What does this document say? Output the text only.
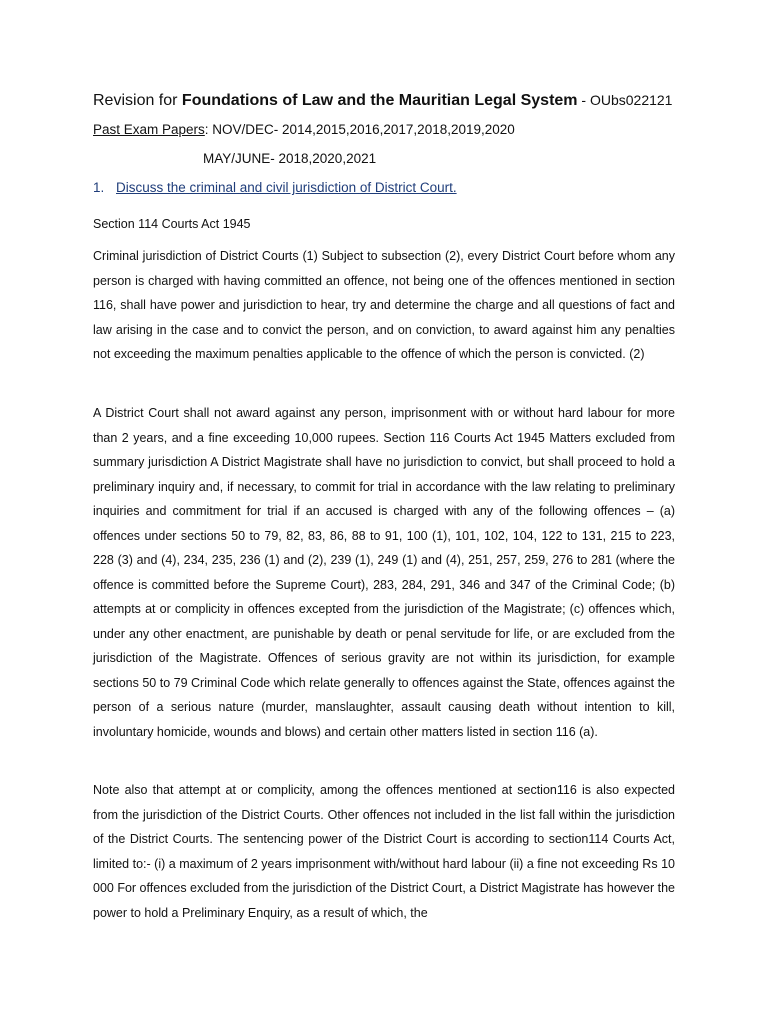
Revision for Foundations of Law and the Mauritian Legal System - OUbs022121
Past Exam Papers: NOV/DEC- 2014,2015,2016,2017,2018,2019,2020
MAY/JUNE- 2018,2020,2021
1. Discuss the criminal and civil jurisdiction of District Court.
Section 114 Courts Act 1945

Criminal jurisdiction of District Courts (1) Subject to subsection (2), every District Court before whom any person is charged with having committed an offence, not being one of the offences mentioned in section 116, shall have power and jurisdiction to hear, try and determine the charge and all questions of fact and law arising in the case and to convict the person, and on conviction, to award against him any penalties not exceeding the maximum penalties applicable to the offence of which the person is convicted. (2)

A District Court shall not award against any person, imprisonment with or without hard labour for more than 2 years, and a fine exceeding 10,000 rupees. Section 116 Courts Act 1945 Matters excluded from summary jurisdiction A District Magistrate shall have no jurisdiction to convict, but shall proceed to hold a preliminary inquiry and, if necessary, to commit for trial in accordance with the law relating to preliminary inquiries and commitment for trial if an accused is charged with any of the following offences – (a) offences under sections 50 to 79, 82, 83, 86, 88 to 91, 100 (1), 101, 102, 104, 122 to 131, 215 to 223, 228 (3) and (4), 234, 235, 236 (1) and (2), 239 (1), 249 (1) and (4), 251, 257, 259, 276 to 281 (where the offence is committed before the Supreme Court), 283, 284, 291, 346 and 347 of the Criminal Code; (b) attempts at or complicity in offences excepted from the jurisdiction of the Magistrate; (c) offences which, under any other enactment, are punishable by death or penal servitude for life, or are excluded from the jurisdiction of the Magistrate. Offences of serious gravity are not within its jurisdiction, for example sections 50 to 79 Criminal Code which relate generally to offences against the State, offences against the person of a serious nature (murder, manslaughter, assault causing death without intention to kill, involuntary homicide, wounds and blows) and certain other matters listed in section 116 (a).

Note also that attempt at or complicity, among the offences mentioned at section116 is also expected from the jurisdiction of the District Courts. Other offences not included in the list fall within the jurisdiction of the District Courts. The sentencing power of the District Court is according to section114 Courts Act, limited to:- (i) a maximum of 2 years imprisonment with/without hard labour (ii) a fine not exceeding Rs 10 000 For offences excluded from the jurisdiction of the District Court, a District Magistrate has however the power to hold a Preliminary Enquiry, as a result of which, the
